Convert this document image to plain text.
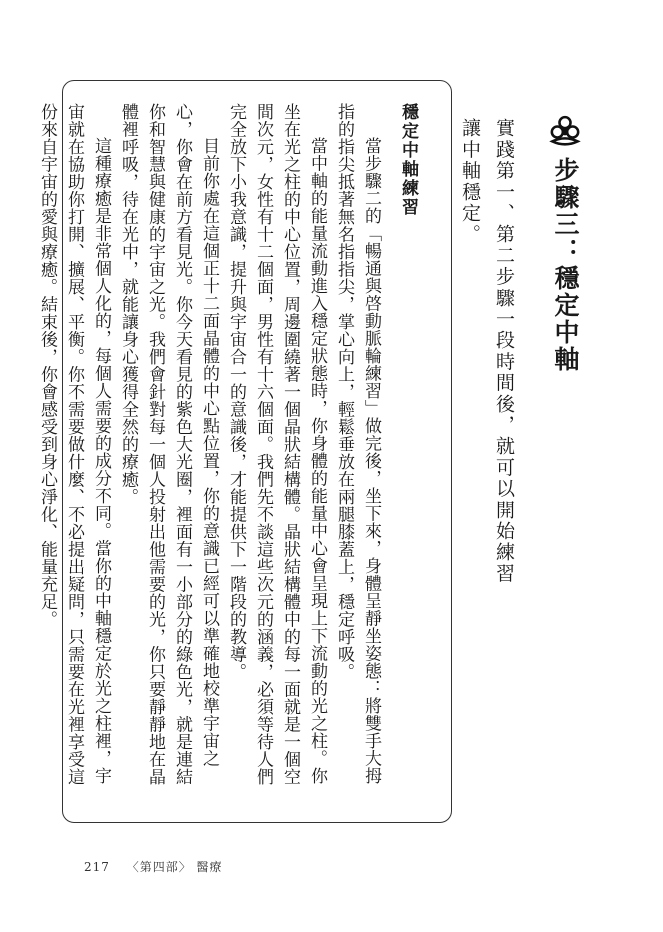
步驟三：穩定中軸
實踐第一、第二步驟一段時間後，就可以開始練習讓中軸穩定。
穩定中軸練習

當步驟二的「暢通與啓動脈輪練習」做完後，坐下來，身體呈靜坐姿態：將雙手大拇指的指尖抵著無名指指尖，掌心向上，輕鬆垂放在兩腿膝蓋上，穩定呼吸。

當中軸的能量流動進入穩定狀態時，你身體的能量中心會呈現上下流動的光之柱。你坐在光之柱的中心位置，周邊圍繞著一個晶狀結構體。晶狀結構體中的每一面就是一個空間次元，女性有十二個面，男性有十六個面。我們先不談這些次元的涵義，必須等待人們完全放下小我意識，提升與宇宙合一的意識後，才能提供下一階段的教導。

目前你處在這個正十二面晶體的中心點位置，你的意識已經可以準確地校準宇宙之心，你會在前方看見光。你今天看見的紫色大光圈，裡面有一小部分的綠色光，就是連結你和智慧與健康的宇宙之光。我們會針對每一個人投射出他需要的光，你只要靜靜地在晶體裡呼吸，待在光中，就能讓身心獲得全然的療癒。

這種療癒是非常個人化的，每個人需要的成分不同。當你的中軸穩定於光之柱裡，宇宙就在協助你打開、擴展、平衡。你不需要做什麼、不必提出疑問，只需要在光裡享受這份來自宇宙的愛與療癒。結束後，你會感受到身心淨化、能量充足。

217 〈第四部〉 醫療
